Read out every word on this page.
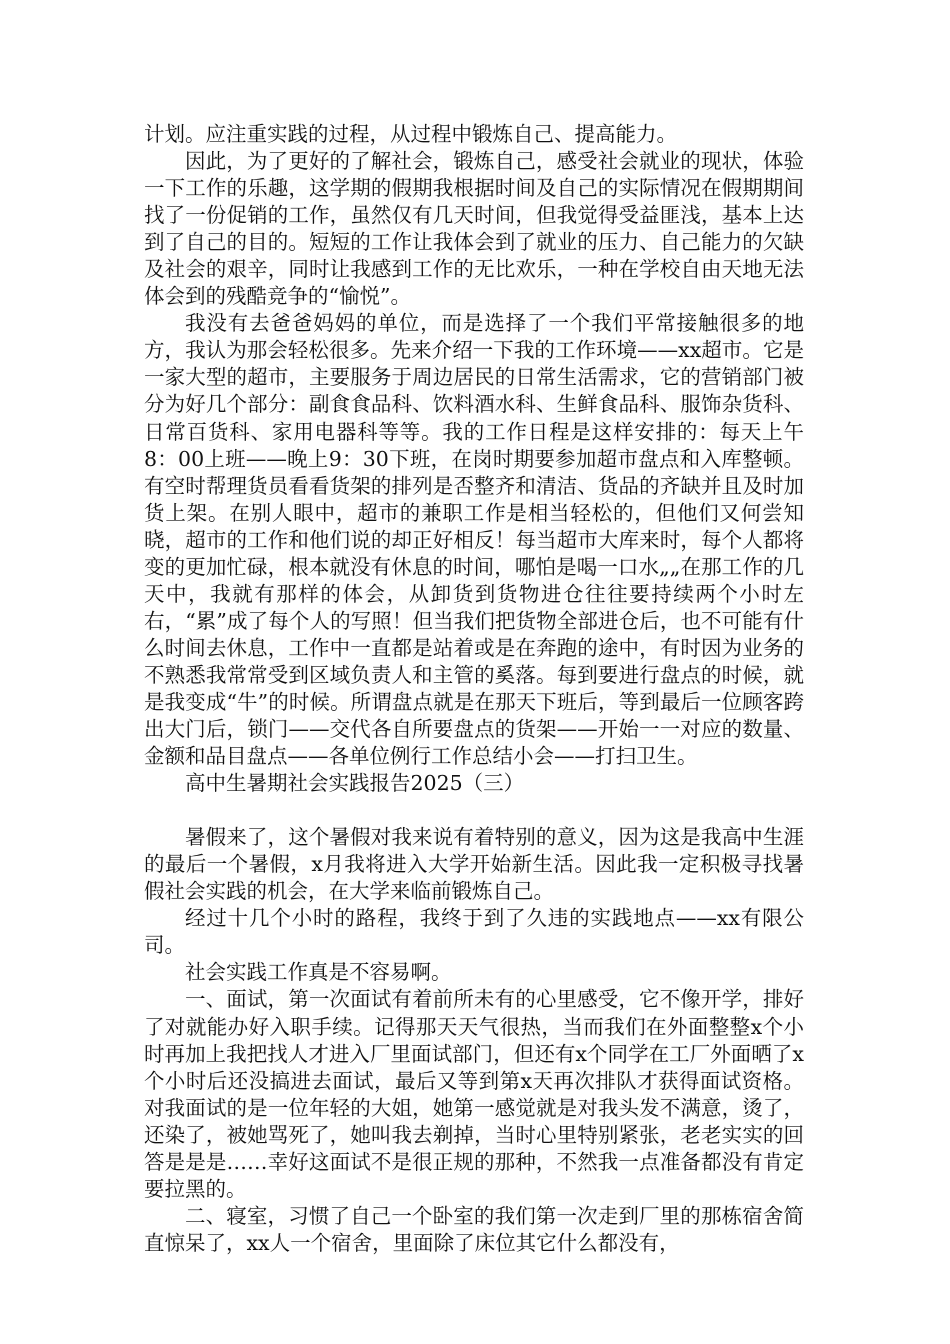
计划。应注重实践的过程，从过程中锻炼自己、提高能力。

因此，为了更好的了解社会，锻炼自己，感受社会就业的现状，体验一下工作的乐趣，这学期的假期我根据时间及自己的实际情况在假期期间找了一份促销的工作，虽然仅有几天时间，但我觉得受益匪浅，基本上达到了自己的目的。短短的工作让我体会到了就业的压力、自己能力的欠缺及社会的艰辛，同时让我感到工作的无比欢乐，一种在学校自由天地无法体会到的残酷竞争的“愉悦”。

我没有去爸爸妈妈的单位，而是选择了一个我们平常接触很多的地方，我认为那会轻松很多。先来介绍一下我的工作环境——xx超市。它是一家大型的超市，主要服务于周边居民的日常生活需求，它的营销部门被分为好几个部分：副食食品科、饮料酒水科、生鲜食品科、服饰杂货科、日常百货科、家用电器科等等。我的工作日程是这样安排的：每天上午8：00上班——晚上9：30下班，在岗时期要参加超市盘点和入库整顿。有空时帮理货员看看货架的排列是否整齐和清洁、货品的齐缺并且及时加货上架。在别人眼中，超市的兼职工作是相当轻松的，但他们又何尝知晓，超市的工作和他们说的却正好相反！每当超市大库来时，每个人都将变的更加忙碌，根本就没有休息的时间，哪怕是喝一口水„„在那工作的几天中，我就有那样的体会，从卸货到货物进仓往往要持续两个小时左右，“累”成了每个人的写照！但当我们把货物全部进仓后，也不可能有什么时间去休息，工作中一直都是站着或是在奔跑的途中，有时因为业务的不熟悉我常常受到区域负责人和主管的奚落。每到要进行盘点的时候，就是我变成“牛”的时候。所谓盘点就是在那天下班后，等到最后一位顾客跨出大门后，锁门——交代各自所要盘点的货架——开始一一对应的数量、金额和品目盘点——各单位例行工作总结小会——打扫卫生。

高中生暑期社会实践报告2025（三）

暑假来了，这个暑假对我来说有着特别的意义，因为这是我高中生涯的最后一个暑假，x月我将进入大学开始新生活。因此我一定积极寻找暑假社会实践的机会，在大学来临前锻炼自己。

经过十几个小时的路程，我终于到了久违的实践地点——xx有限公司。

社会实践工作真是不容易啊。

一、面试，第一次面试有着前所未有的心里感受，它不像开学，排好了对就能办好入职手续。记得那天天气很热，当而我们在外面整整x个小时再加上我把找人才进入厂里面试部门，但还有x个同学在工厂外面晒了x个小时后还没搞进去面试，最后又等到第x天再次排队才获得面试资格。对我面试的是一位年轻的大姐，她第一感觉就是对我头发不满意，烫了，还染了，被她骂死了，她叫我去剃掉，当时心里特别紧张，老老实实的回答是是是……幸好这面试不是很正规的那种，不然我一点准备都没有肯定要拉黑的。

二、寝室，习惯了自己一个卧室的我们第一次走到厂里的那栋宿舍简直惊呆了，xx人一个宿舍，里面除了床位其它什么都没有，
